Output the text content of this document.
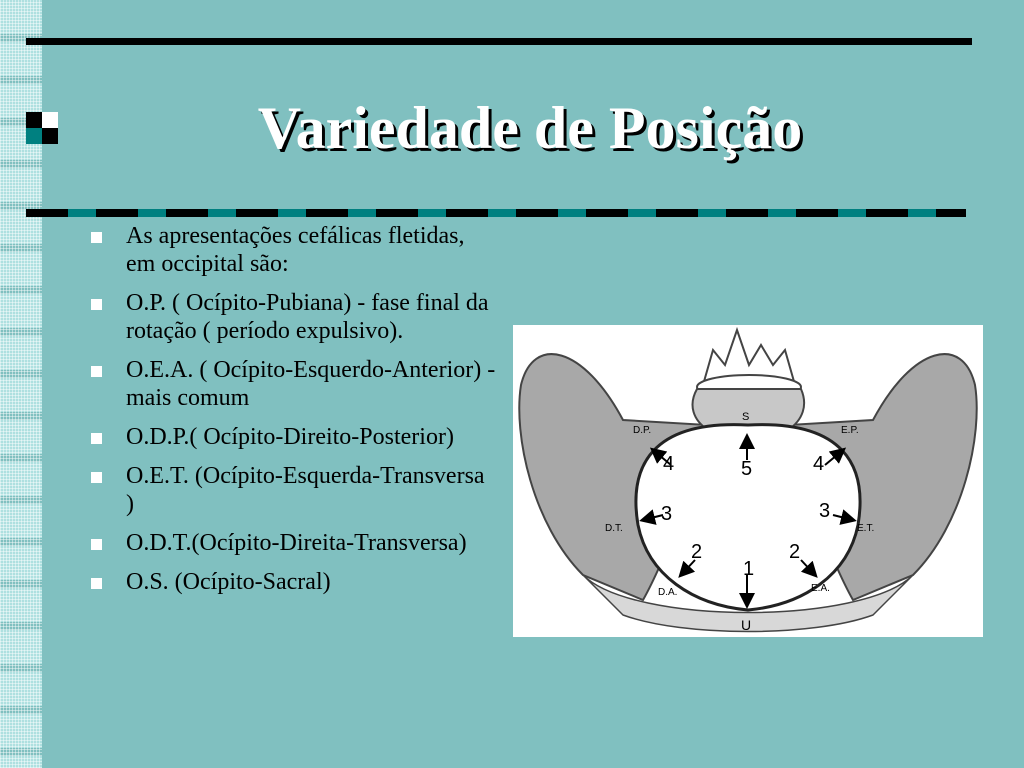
Variedade de Posição
As apresentações cefálicas fletidas, em occipital são:
O.P. ( Ocípito-Pubiana) - fase final da rotação ( período expulsivo).
O.E.A. ( Ocípito-Esquerdo-Anterior) - mais comum
O.D.P.( Ocípito-Direito-Posterior)
O.E.T. (Ocípito-Esquerda-Transversa )
O.D.T.(Ocípito-Direita-Transversa)
O.S. (Ocípito-Sacral)
5
4	4
3	3
2	2
1
S
U
D.P.	E.P.
D.T.	E.T.
D.A.	E.A.
